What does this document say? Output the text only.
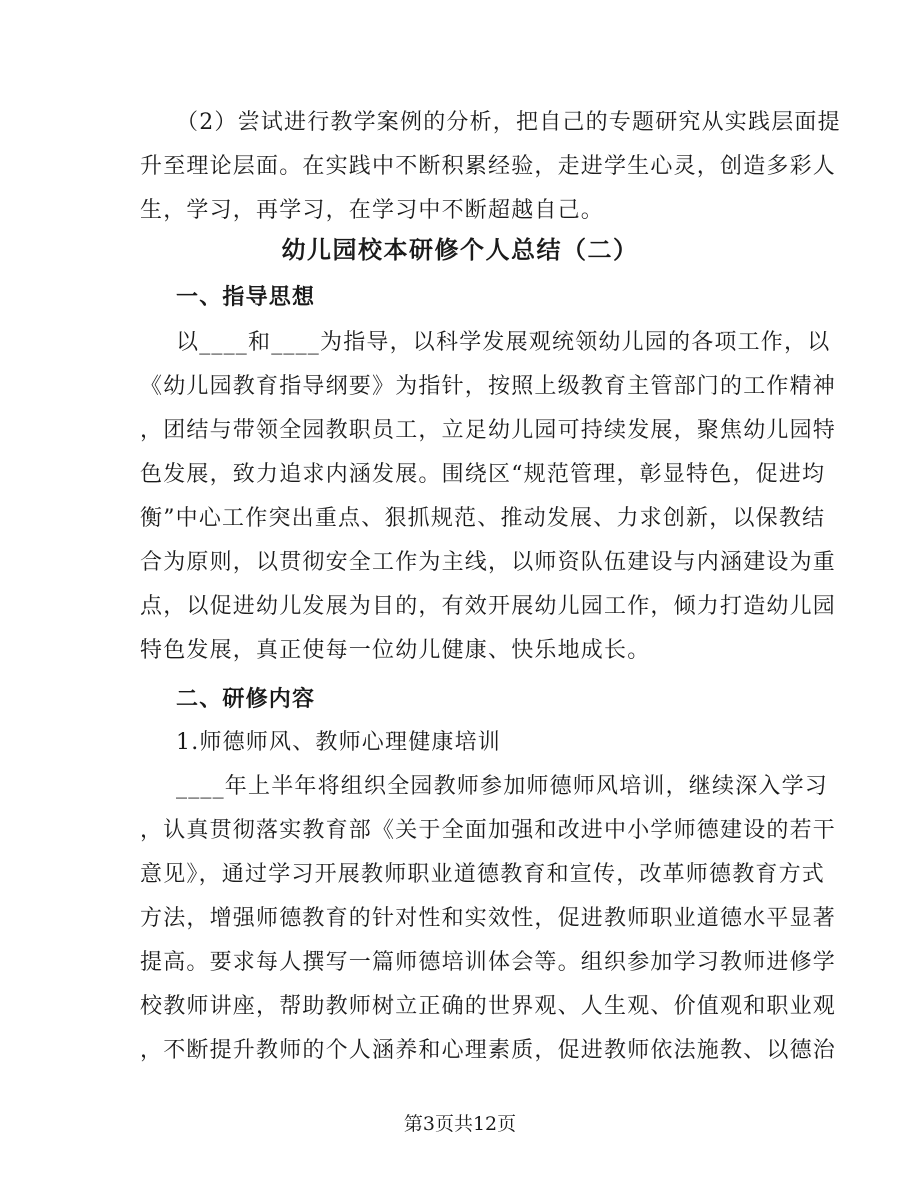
（2）尝试进行教学案例的分析，把自己的专题研究从实践层面提
升至理论层面。在实践中不断积累经验，走进学生心灵，创造多彩人
生，学习，再学习，在学习中不断超越自己。
幼儿园校本研修个人总结（二）
一、指导思想
以____和____为指导，以科学发展观统领幼儿园的各项工作，以
《幼儿园教育指导纲要》为指针，按照上级教育主管部门的工作精神
，团结与带领全园教职员工，立足幼儿园可持续发展，聚焦幼儿园特
色发展，致力追求内涵发展。围绕区“规范管理，彰显特色，促进均
衡”中心工作突出重点、狠抓规范、推动发展、力求创新，以保教结
合为原则，以贯彻安全工作为主线，以师资队伍建设与内涵建设为重
点，以促进幼儿发展为目的，有效开展幼儿园工作，倾力打造幼儿园
特色发展，真正使每一位幼儿健康、快乐地成长。
二、研修内容
1.师德师风、教师心理健康培训
____年上半年将组织全园教师参加师德师风培训，继续深入学习
，认真贯彻落实教育部《关于全面加强和改进中小学师德建设的若干
意见》，通过学习开展教师职业道德教育和宣传，改革师德教育方式
方法，增强师德教育的针对性和实效性，促进教师职业道德水平显著
提高。要求每人撰写一篇师德培训体会等。组织参加学习教师进修学
校教师讲座，帮助教师树立正确的世界观、人生观、价值观和职业观
，不断提升教师的个人涵养和心理素质，促进教师依法施教、以德治
第3页共12页
